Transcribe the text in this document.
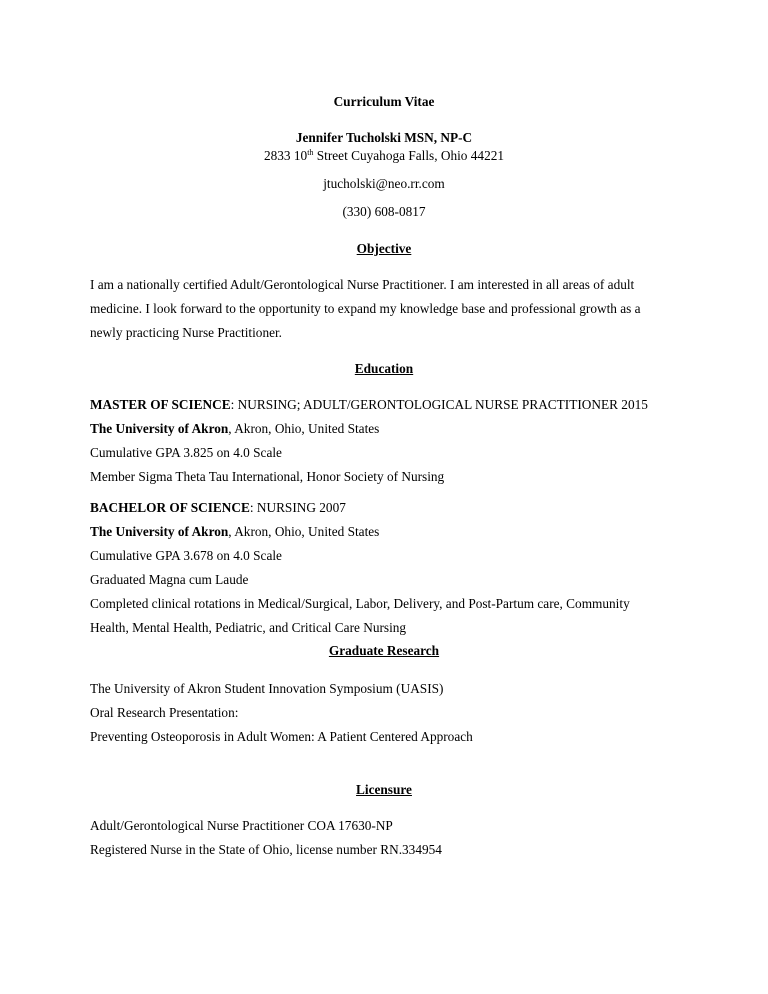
Curriculum Vitae
Jennifer Tucholski MSN, NP-C
2833 10th Street Cuyahoga Falls, Ohio 44221
jtucholski@neo.rr.com
(330) 608-0817
Objective
I am a nationally certified Adult/Gerontological Nurse Practitioner. I am interested in all areas of adult
medicine. I look forward to the opportunity to expand my knowledge base and professional growth as a
newly practicing Nurse Practitioner.
Education
MASTER OF SCIENCE: NURSING; ADULT/GERONTOLOGICAL NURSE PRACTITIONER 2015
The University of Akron, Akron, Ohio, United States
Cumulative GPA 3.825 on 4.0 Scale
Member Sigma Theta Tau International, Honor Society of Nursing
BACHELOR OF SCIENCE: NURSING 2007
The University of Akron, Akron, Ohio, United States
Cumulative GPA 3.678 on 4.0 Scale
Graduated Magna cum Laude
Completed clinical rotations in Medical/Surgical, Labor, Delivery, and Post-Partum care, Community
Health, Mental Health, Pediatric, and Critical Care Nursing
Graduate Research
The University of Akron Student Innovation Symposium (UASIS)
Oral Research Presentation:
Preventing Osteoporosis in Adult Women: A Patient Centered Approach
Licensure
Adult/Gerontological Nurse Practitioner COA 17630-NP
Registered Nurse in the State of Ohio, license number RN.334954
